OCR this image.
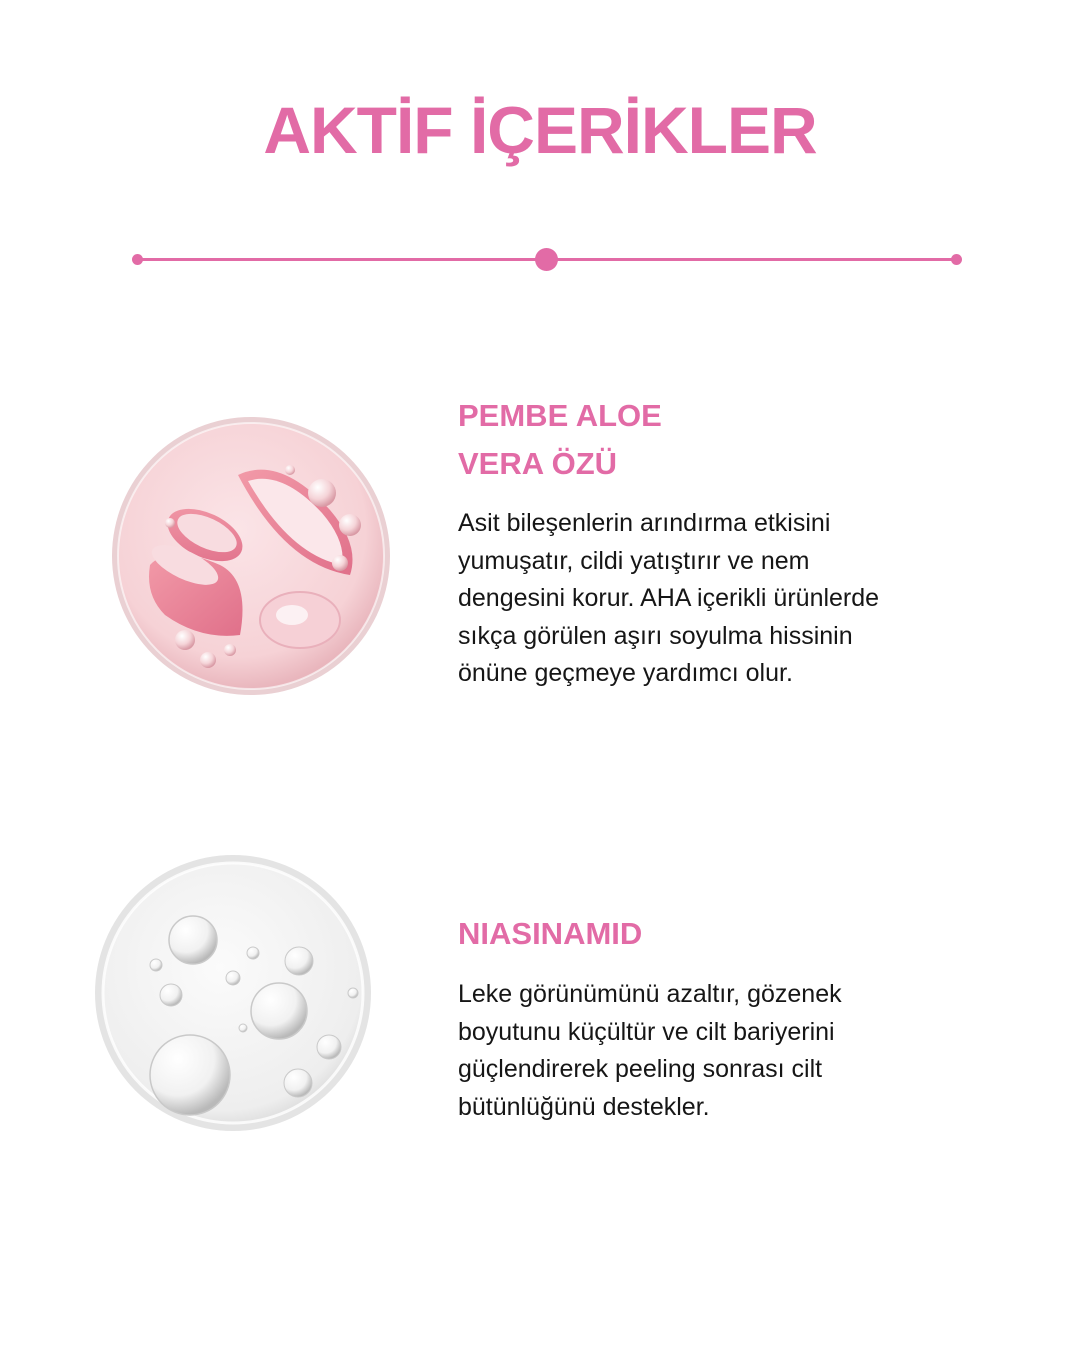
AKTİF İÇERİKLER
PEMBE ALOE
VERA ÖZÜ

Asit bileşenlerin arındırma etkisini
yumuşatır, cildi yatıştırır ve nem
dengesini korur. AHA içerikli ürünlerde
sıkça görülen aşırı soyulma hissinin
önüne geçmeye yardımcı olur.

NIASINAMID

Leke görünümünü azaltır, gözenek
boyutunu küçültür ve cilt bariyerini
güçlendirerek peeling sonrası cilt
bütünlüğünü destekler.
